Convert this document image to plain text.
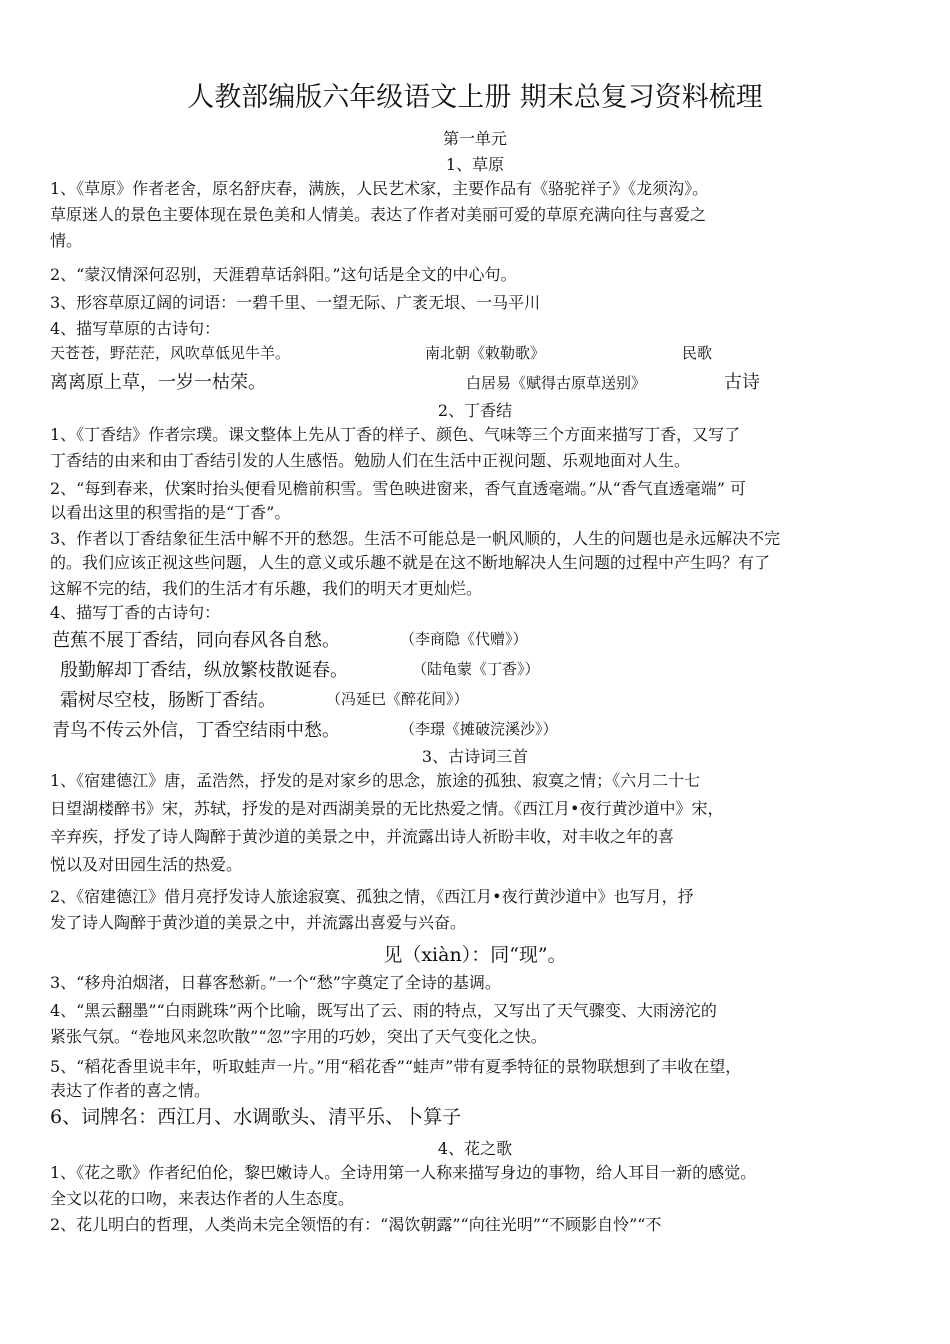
人教部编版六年级语文上册 期末总复习资料梳理
第一单元
1、草原
1、《草原》作者老舍，原名舒庆春，满族，人民艺术家，主要作品有《骆驼祥子》《龙须沟》。
草原迷人的景色主要体现在景色美和人情美。表达了作者对美丽可爱的草原充满向往与喜爱之
情。
2、“蒙汉情深何忍别，天涯碧草话斜阳。”这句话是全文的中心句。
3、形容草原辽阔的词语：一碧千里、一望无际、广袤无垠、一马平川
4、描写草原的古诗句：
天苍苍，野茫茫，风吹草低见牛羊。	南北朝《敕勒歌》	民歌
离离原上草，一岁一枯荣。	白居易《赋得古原草送别》	古诗
2、丁香结
1、《丁香结》作者宗璞。课文整体上先从丁香的样子、颜色、气味等三个方面来描写丁香，又写了
丁香结的由来和由丁香结引发的人生感悟。勉励人们在生活中正视问题、乐观地面对人生。
2、“每到春来，伏案时抬头便看见檐前积雪。雪色映进窗来，香气直透毫端。”从“香气直透毫端” 可
以看出这里的积雪指的是“丁香”。
3、作者以丁香结象征生活中解不开的愁怨。生活不可能总是一帆风顺的，人生的问题也是永远解决不完
的。我们应该正视这些问题，人生的意义或乐趣不就是在这不断地解决人生问题的过程中产生吗？有了
这解不完的结，我们的生活才有乐趣，我们的明天才更灿烂。
4、描写丁香的古诗句：
芭蕉不展丁香结，同向春风各自愁。	（李商隐《代赠》）
殷勤解却丁香结，纵放繁枝散诞春。	（陆龟蒙《丁香》）
霜树尽空枝，肠断丁香结。	（冯延巳《醉花间》）
青鸟不传云外信，丁香空结雨中愁。	（李璟《摊破浣溪沙》）
3、古诗词三首
1、《宿建德江》唐，孟浩然，抒发的是对家乡的思念，旅途的孤独、寂寞之情；《六月二十七
日望湖楼醉书》宋，苏轼，抒发的是对西湖美景的无比热爱之情。《西江月•夜行黄沙道中》宋，
辛弃疾，抒发了诗人陶醉于黄沙道的美景之中，并流露出诗人祈盼丰收，对丰收之年的喜
悦以及对田园生活的热爱。
2、《宿建德江》借月亮抒发诗人旅途寂寞、孤独之情，《西江月•夜行黄沙道中》也写月，抒
发了诗人陶醉于黄沙道的美景之中，并流露出喜爱与兴奋。
见（xiàn）：同“现”。
3、“移舟泊烟渚，日暮客愁新。”一个“愁”字奠定了全诗的基调。
4、“黑云翻墨”“白雨跳珠”两个比喻，既写出了云、雨的特点，又写出了天气骤变、大雨滂沱的
紧张气氛。“卷地风来忽吹散”“忽”字用的巧妙，突出了天气变化之快。
5、“稻花香里说丰年，听取蛙声一片。”用“稻花香”“蛙声”带有夏季特征的景物联想到了丰收在望，
表达了作者的喜之情。
6、词牌名：西江月、水调歌头、清平乐、卜算子
4、花之歌
1、《花之歌》作者纪伯伦，黎巴嫩诗人。全诗用第一人称来描写身边的事物，给人耳目一新的感觉。
全文以花的口吻，来表达作者的人生态度。
2、花儿明白的哲理，人类尚未完全领悟的有：“渴饮朝露”“向往光明”“不顾影自怜”“不
